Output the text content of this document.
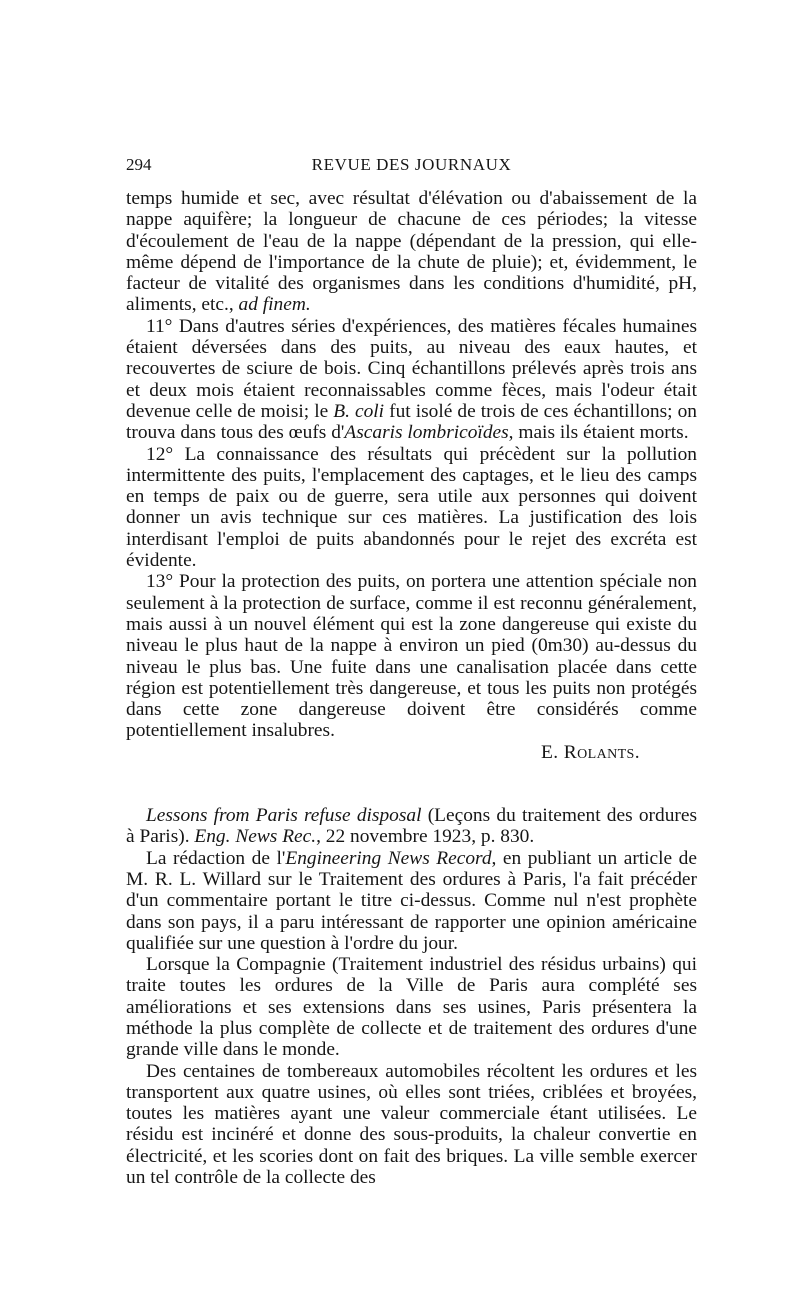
294	REVUE DES JOURNAUX

temps humide et sec, avec résultat d'élévation ou d'abaissement de la nappe aquifère; la longueur de chacune de ces périodes; la vitesse d'écoulement de l'eau de la nappe (dépendant de la pression, qui elle-même dépend de l'importance de la chute de pluie); et, évidemment, le facteur de vitalité des organismes dans les conditions d'humidité, pH, aliments, etc., ad finem.

11° Dans d'autres séries d'expériences, des matières fécales humaines étaient déversées dans des puits, au niveau des eaux hautes, et recouvertes de sciure de bois. Cinq échantillons prélevés après trois ans et deux mois étaient reconnaissables comme fèces, mais l'odeur était devenue celle de moisi; le B. coli fut isolé de trois de ces échantillons; on trouva dans tous des œufs d'Ascaris lombricoïdes, mais ils étaient morts.

12° La connaissance des résultats qui précèdent sur la pollution intermittente des puits, l'emplacement des captages, et le lieu des camps en temps de paix ou de guerre, sera utile aux personnes qui doivent donner un avis technique sur ces matières. La justification des lois interdisant l'emploi de puits abandonnés pour le rejet des excréta est évidente.

13° Pour la protection des puits, on portera une attention spéciale non seulement à la protection de surface, comme il est reconnu généralement, mais aussi à un nouvel élément qui est la zone dangereuse qui existe du niveau le plus haut de la nappe à environ un pied (0m30) au-dessus du niveau le plus bas. Une fuite dans une canalisation placée dans cette région est potentiellement très dangereuse, et tous les puits non protégés dans cette zone dangereuse doivent être considérés comme potentiellement insalubres.

E. Rolants.

Lessons from Paris refuse disposal (Leçons du traitement des ordures à Paris). Eng. News Rec., 22 novembre 1923, p. 830.

La rédaction de l'Engineering News Record, en publiant un article de M. R. L. Willard sur le Traitement des ordures à Paris, l'a fait précéder d'un commentaire portant le titre ci-dessus. Comme nul n'est prophète dans son pays, il a paru intéressant de rapporter une opinion américaine qualifiée sur une question à l'ordre du jour.

Lorsque la Compagnie (Traitement industriel des résidus urbains) qui traite toutes les ordures de la Ville de Paris aura complété ses améliorations et ses extensions dans ses usines, Paris présentera la méthode la plus complète de collecte et de traitement des ordures d'une grande ville dans le monde.

Des centaines de tombereaux automobiles récoltent les ordures et les transportent aux quatre usines, où elles sont triées, criblées et broyées, toutes les matières ayant une valeur commerciale étant utilisées. Le résidu est incinéré et donne des sous-produits, la chaleur convertie en électricité, et les scories dont on fait des briques. La ville semble exercer un tel contrôle de la collecte des
